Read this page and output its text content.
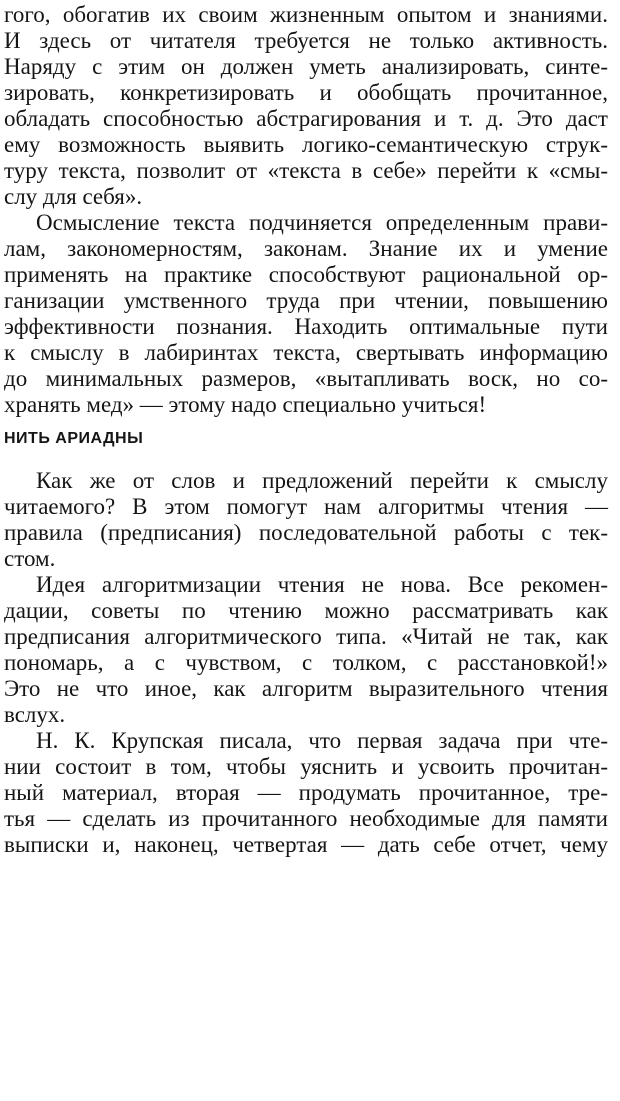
гого, обогатив их своим жизненным опытом и знаниями.
И здесь от читателя требуется не только активность.
Наряду с этим он должен уметь анализировать, синте-
зировать, конкретизировать и обобщать прочитанное,
обладать способностью абстрагирования и т. д. Это даст
ему возможность выявить логико-семантическую струк-
туру текста, позволит от «текста в себе» перейти к «смы-
слу для себя».
Осмысление текста подчиняется определенным прави-
лам, закономерностям, законам. Знание их и умение
применять на практике способствуют рациональной ор-
ганизации умственного труда при чтении, повышению
эффективности познания. Находить оптимальные пути
к смыслу в лабиринтах текста, свертывать информацию
до минимальных размеров, «вытапливать воск, но со-
хранять мед» — этому надо специально учиться!
НИТЬ АРИАДНЫ
Как же от слов и предложений перейти к смыслу
читаемого? В этом помогут нам алгоритмы чтения —
правила (предписания) последовательной работы с тек-
стом.
Идея алгоритмизации чтения не нова. Все рекомен-
дации, советы по чтению можно рассматривать как
предписания алгоритмического типа. «Читай не так, как
пономарь, а с чувством, с толком, с расстановкой!»
Это не что иное, как алгоритм выразительного чтения
вслух.
Н. К. Крупская писала, что первая задача при чте-
нии состоит в том, чтобы уяснить и усвоить прочитан-
ный материал, вторая — продумать прочитанное, тре-
тья — сделать из прочитанного необходимые для памяти
выписки и, наконец, четвертая — дать себе отчет, чему
